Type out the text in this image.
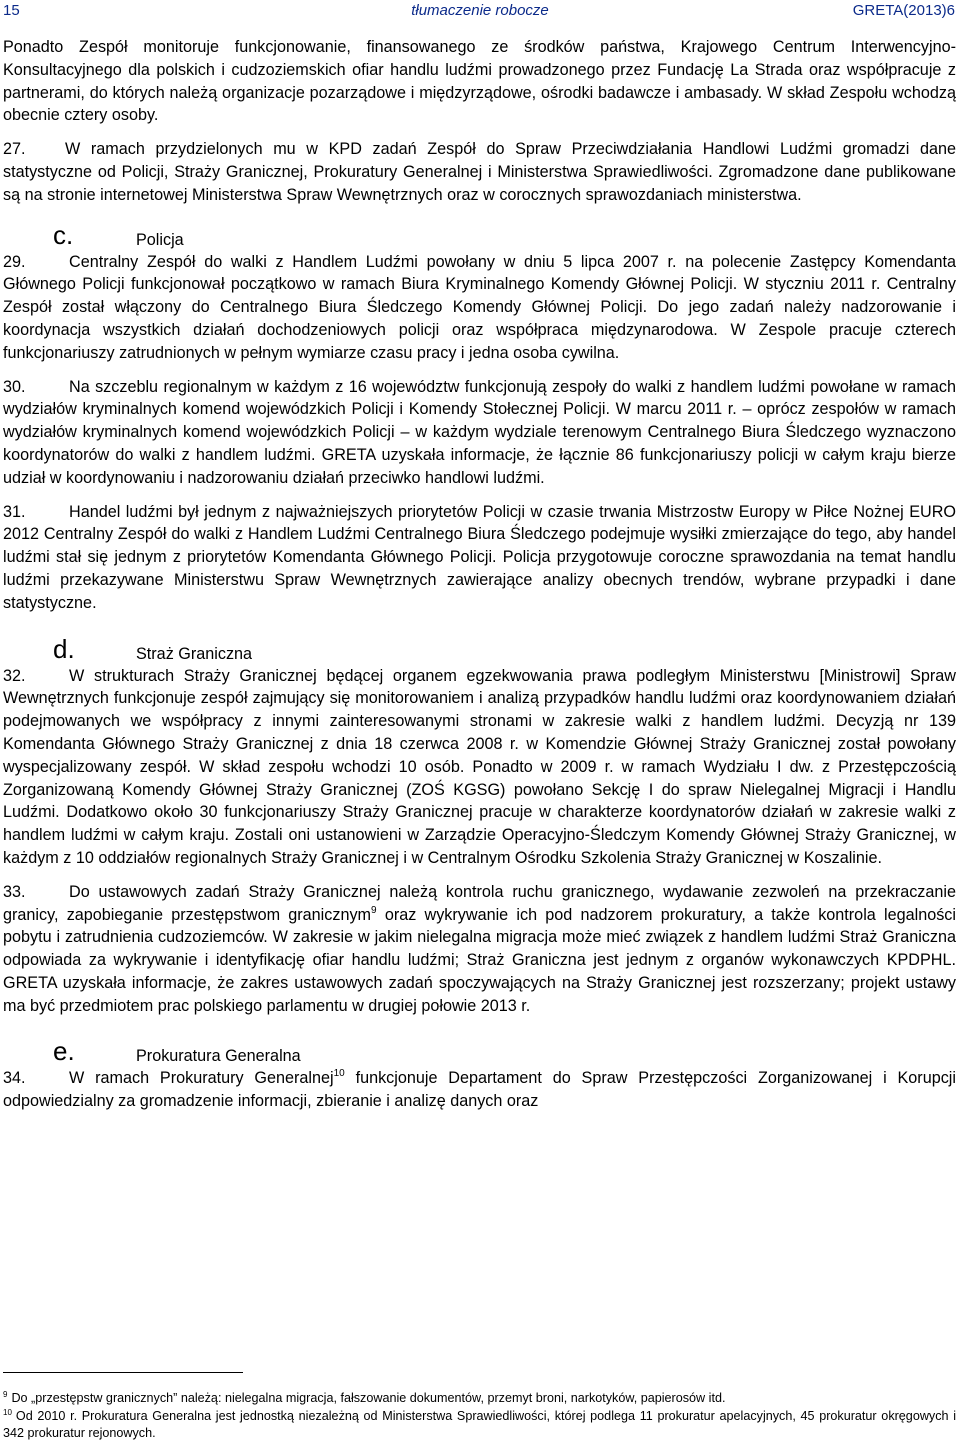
15	tłumaczenie robocze	GRETA(2013)6

Ponadto Zespół monitoruje funkcjonowanie, finansowanego ze środków państwa, Krajowego Centrum Interwencyjno-Konsultacyjnego dla polskich i cudzoziemskich ofiar handlu ludźmi prowadzonego przez Fundację La Strada oraz współpracuje z partnerami, do których należą organizacje pozarządowe i międzyrządowe, ośrodki badawcze i ambasady. W skład Zespołu wchodzą obecnie cztery osoby.

27. W ramach przydzielonych mu w KPD zadań Zespół do Spraw Przeciwdziałania Handlowi Ludźmi gromadzi dane statystyczne od Policji, Straży Granicznej, Prokuratury Generalnej i Ministerstwa Sprawiedliwości. Zgromadzone dane publikowane są na stronie internetowej Ministerstwa Spraw Wewnętrznych oraz w corocznych sprawozdaniach ministerstwa.

c.	Policja

29.	Centralny Zespół do walki z Handlem Ludźmi powołany w dniu 5 lipca 2007 r. na polecenie Zastępcy Komendanta Głównego Policji funkcjonował początkowo w ramach Biura Kryminalnego Komendy Głównej Policji. W styczniu 2011 r. Centralny Zespół został włączony do Centralnego Biura Śledczego Komendy Głównej Policji. Do jego zadań należy nadzorowanie i koordynacja wszystkich działań dochodzeniowych policji oraz współpraca międzynarodowa. W Zespole pracuje czterech funkcjonariuszy zatrudnionych w pełnym wymiarze czasu pracy i jedna osoba cywilna.

30.	Na szczeblu regionalnym w każdym z 16 województw funkcjonują zespoły do walki z handlem ludźmi powołane w ramach wydziałów kryminalnych komend wojewódzkich Policji i Komendy Stołecznej Policji. W marcu 2011 r. – oprócz zespołów w ramach wydziałów kryminalnych komend wojewódzkich Policji – w każdym wydziale terenowym Centralnego Biura Śledczego wyznaczono koordynatorów do walki z handlem ludźmi. GRETA uzyskała informacje, że łącznie 86 funkcjonariuszy policji w całym kraju bierze udział w koordynowaniu i nadzorowaniu działań przeciwko handlowi ludźmi.

31.	Handel ludźmi był jednym z najważniejszych priorytetów Policji w czasie trwania Mistrzostw Europy w Piłce Nożnej EURO 2012 Centralny Zespół do walki z Handlem Ludźmi Centralnego Biura Śledczego podejmuje wysiłki zmierzające do tego, aby handel ludźmi stał się jednym z priorytetów Komendanta Głównego Policji. Policja przygotowuje coroczne sprawozdania na temat handlu ludźmi przekazywane Ministerstwu Spraw Wewnętrznych zawierające analizy obecnych trendów, wybrane przypadki i dane statystyczne.

d.	Straż Graniczna

32.	W strukturach Straży Granicznej będącej organem egzekwowania prawa podległym Ministerstwu [Ministrowi] Spraw Wewnętrznych funkcjonuje zespół zajmujący się monitorowaniem i analizą przypadków handlu ludźmi oraz koordynowaniem działań podejmowanych we współpracy z innymi zainteresowanymi stronami w zakresie walki z handlem ludźmi. Decyzją nr 139 Komendanta Głównego Straży Granicznej z dnia 18 czerwca 2008 r. w Komendzie Głównej Straży Granicznej został powołany wyspecjalizowany zespół. W skład zespołu wchodzi 10 osób. Ponadto w 2009 r. w ramach Wydziału I dw. z Przestępczością Zorganizowaną Komendy Głównej Straży Granicznej (ZOŚ KGSG) powołano Sekcję I do spraw Nielegalnej Migracji i Handlu Ludźmi. Dodatkowo około 30 funkcjonariuszy Straży Granicznej pracuje w charakterze koordynatorów działań w zakresie walki z handlem ludźmi w całym kraju. Zostali oni ustanowieni w Zarządzie Operacyjno-Śledczym Komendy Głównej Straży Granicznej, w każdym z 10 oddziałów regionalnych Straży Granicznej i w Centralnym Ośrodku Szkolenia Straży Granicznej w Koszalinie.

33.	Do ustawowych zadań Straży Granicznej należą kontrola ruchu granicznego, wydawanie zezwoleń na przekraczanie granicy, zapobieganie przestępstwom granicznym$^9$ oraz wykrywanie ich pod nadzorem prokuratury, a także kontrola legalności pobytu i zatrudnienia cudzoziemców. W zakresie w jakim nielegalna migracja może mieć związek z handlem ludźmi Straż Graniczna odpowiada za wykrywanie i identyfikację ofiar handlu ludźmi; Straż Graniczna jest jednym z organów wykonawczych KPDPHL. GRETA uzyskała informacje, że zakres ustawowych zadań spoczywających na Straży Granicznej jest rozszerzany; projekt ustawy ma być przedmiotem prac polskiego parlamentu w drugiej połowie 2013 r.

e.	Prokuratura Generalna

34.	W ramach Prokuratury Generalnej$^{10}$ funkcjonuje Departament do Spraw Przestępczości Zorganizowanej i Korupcji odpowiedzialny za gromadzenie informacji, zbieranie i analizę danych oraz

$^9$ Do „przestępstw granicznych” należą: nielegalna migracja, fałszowanie dokumentów, przemyt broni, narkotyków, papierosów itd.
$^{10}$ Od 2010 r. Prokuratura Generalna jest jednostką niezależną od Ministerstwa Sprawiedliwości, której podlega 11 prokuratur apelacyjnych, 45 prokuratur okręgowych i 342 prokuratur rejonowych.
